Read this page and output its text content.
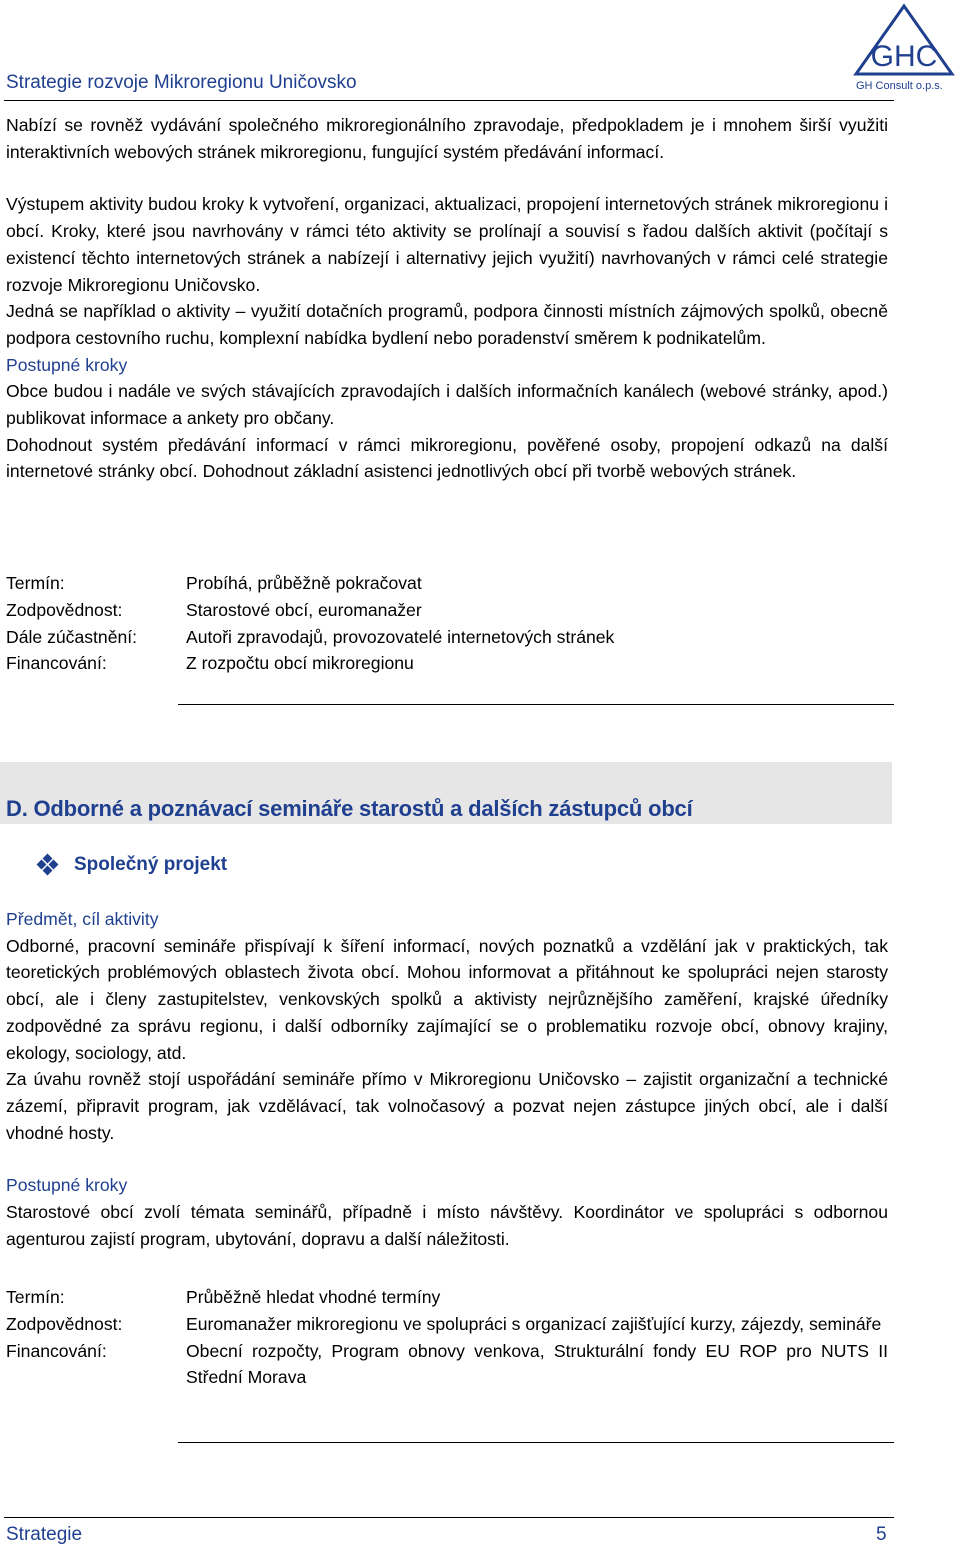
Strategie rozvoje Mikroregionu Uničovsko
GHC
GH Consult o.p.s.

Nabízí se rovněž vydávání společného mikroregionálního zpravodaje, předpokladem je i mnohem širší využiti interaktivních webových stránek mikroregionu, fungující systém předávání informací.

Výstupem aktivity budou kroky k vytvoření, organizaci, aktualizaci, propojení internetových stránek mikroregionu i obcí. Kroky, které jsou navrhovány v rámci této aktivity se prolínají a souvisí s řadou dalších aktivit (počítají s existencí těchto internetových stránek a nabízejí i alternativy jejich využití) navrhovaných v rámci celé strategie rozvoje Mikroregionu Uničovsko.

Jedná se například o aktivity – využití dotačních programů, podpora činnosti místních zájmových spolků, obecně podpora cestovního ruchu, komplexní nabídka bydlení nebo poradenství směrem k podnikatelům.

Postupné kroky

Obce budou i nadále ve svých stávajících zpravodajích i dalších informačních kanálech (webové stránky, apod.) publikovat informace a ankety pro občany.

Dohodnout systém předávání informací v rámci mikroregionu, pověřené osoby, propojení odkazů na další internetové stránky obcí. Dohodnout základní asistenci jednotlivých obcí při tvorbě webových stránek.

Termín:	Probíhá, průběžně pokračovat
Zodpovědnost:	Starostové obcí, euromanažer
Dále zúčastnění:	Autoři zpravodajů, provozovatelé internetových stránek
Financování:	Z rozpočtu obcí mikroregionu
D. Odborné a poznávací semináře starostů a dalších zástupců obcí
Společný projekt

Předmět, cíl aktivity

Odborné, pracovní semináře přispívají k šíření informací, nových poznatků a vzdělání jak v praktických, tak teoretických problémových oblastech života obcí. Mohou informovat a přitáhnout ke spolupráci nejen starosty obcí, ale i členy zastupitelstev, venkovských spolků a aktivisty nejrůznějšího zaměření, krajské úředníky zodpovědné za správu regionu, i další odborníky zajímající se o problematiku rozvoje obcí, obnovy krajiny, ekology, sociology, atd.

Za úvahu rovněž stojí uspořádání semináře přímo v Mikroregionu Uničovsko – zajistit organizační a technické zázemí, připravit program, jak vzdělávací, tak volnočasový a pozvat nejen zástupce jiných obcí, ale i další vhodné hosty.

Postupné kroky

Starostové obcí zvolí témata seminářů, případně i místo návštěvy. Koordinátor ve spolupráci s odbornou agenturou zajistí program, ubytování, dopravu a další náležitosti.

Termín:	Průběžně hledat vhodné termíny
Zodpovědnost:	Euromanažer mikroregionu ve spolupráci s organizací zajišťující kurzy, zájezdy, semináře
Financování:	Obecní rozpočty, Program obnovy venkova, Strukturální fondy EU ROP pro NUTS II Střední Morava
Strategie	5
